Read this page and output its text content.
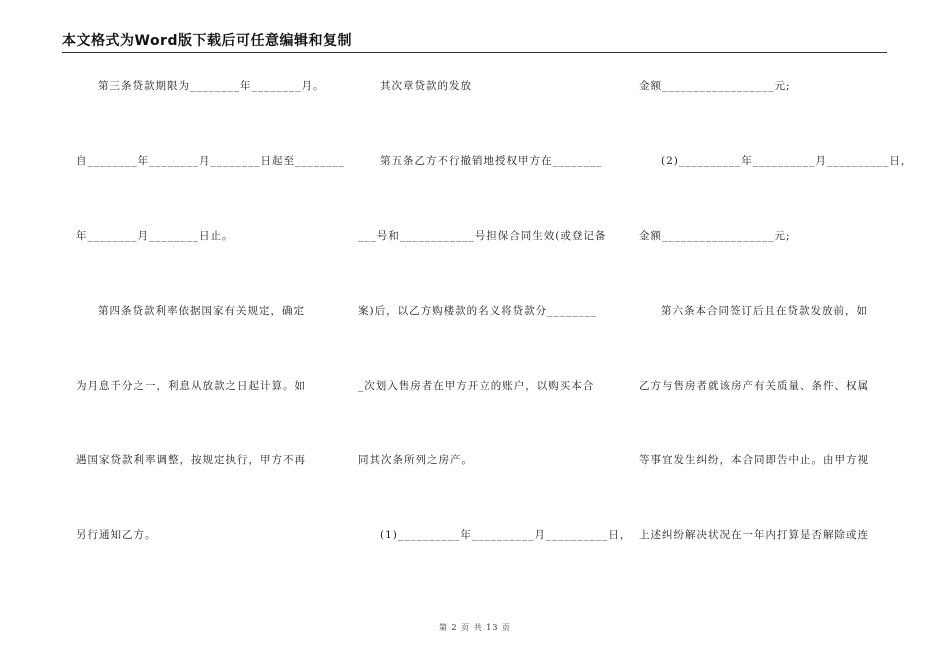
本文格式为Word版下载后可任意编辑和复制
第三条贷款期限为________年________月。
自________年________月________日起至________
年________月________日止。
第四条贷款利率依据国家有关规定，确定
为月息千分之一，利息从放款之日起计算。如
遇国家贷款利率调整，按规定执行，甲方不再
另行通知乙方。
其次章贷款的发放
第五条乙方不行撤销地授权甲方在________
___号和____________号担保合同生效(或登记备
案)后，以乙方购楼款的名义将贷款分________
_次划入售房者在甲方开立的账户，以购买本合
同其次条所列之房产。
(1)__________年__________月__________日，
金额__________________元;
(2)__________年__________月__________日，
金额__________________元;
第六条本合同签订后且在贷款发放前，如
乙方与售房者就该房产有关质量、条件、权属
等事宜发生纠纷，本合同即告中止。由甲方视
上述纠纷解决状况在一年内打算是否解除或连
第 2 页 共 13 页
